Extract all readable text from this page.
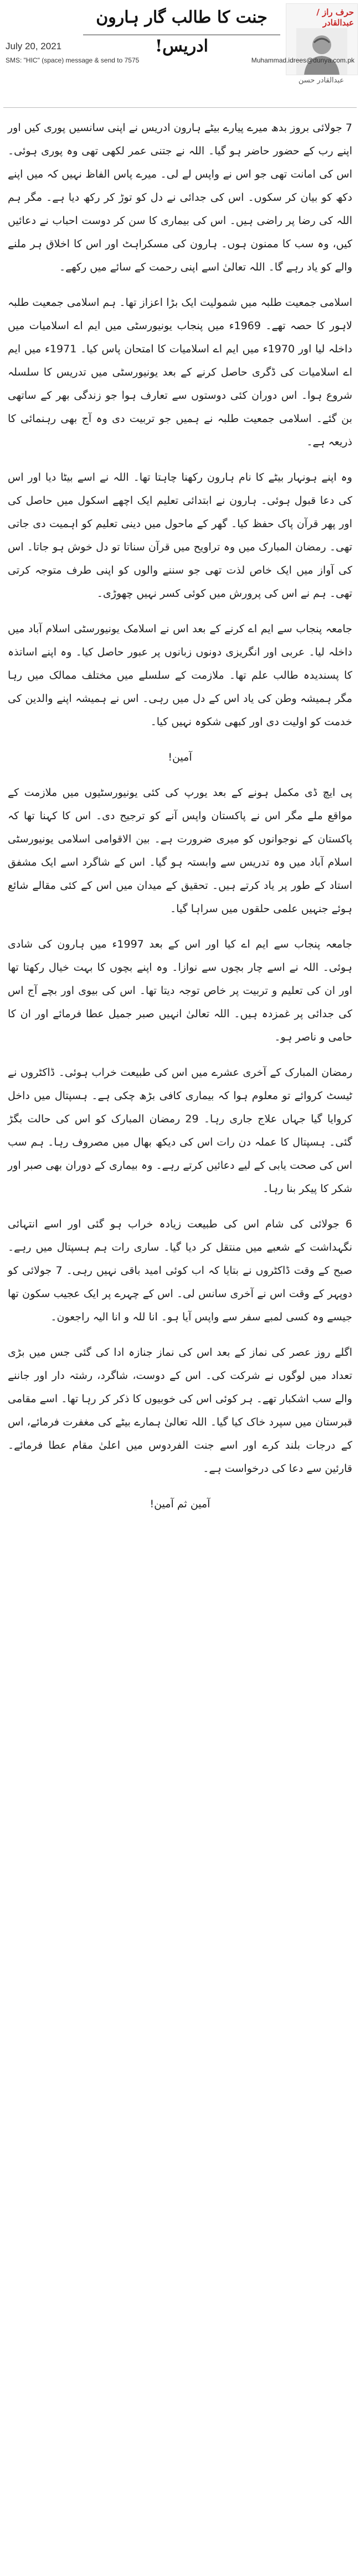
حرف راز / عبدالقادر
عبدالقادر حسن
جنت کا طالب گار ہارون ادریس!
July 20, 2021
SMS: "HIC" (space) message & send to 7575	Muhammad.idrees@dunya.com.pk

7 جولائی بروز بدھ میرے پیارے بیٹے ہارون ادریس نے اپنی سانسیں پوری کیں اور اپنے رب کے حضور حاضر ہو گیا۔ اللہ نے جتنی عمر لکھی تھی وہ پوری ہوئی۔ اس کی امانت تھی جو اس نے واپس لے لی۔ میرے پاس الفاظ نہیں کہ میں اپنے دکھ کو بیان کر سکوں۔ اس کی جدائی نے دل کو توڑ کر رکھ دیا ہے۔ مگر ہم اللہ کی رضا پر راضی ہیں۔ اس کی بیماری کا سن کر دوست احباب نے دعائیں کیں، وہ سب کا ممنون ہوں۔ ہارون کی مسکراہٹ اور اس کا اخلاق ہر ملنے والے کو یاد رہے گا۔ اللہ تعالیٰ اسے اپنی رحمت کے سائے میں رکھے۔

اسلامی جمعیت طلبہ میں شمولیت ایک بڑا اعزاز تھا۔ ہم اسلامی جمعیت طلبہ لاہور کا حصہ تھے۔ 1969ء میں پنجاب یونیورسٹی میں ایم اے اسلامیات میں داخلہ لیا اور 1970ء میں ایم اے اسلامیات کا امتحان پاس کیا۔ 1971ء میں ایم اے اسلامیات کی ڈگری حاصل کرنے کے بعد یونیورسٹی میں تدریس کا سلسلہ شروع ہوا۔ اس دوران کئی دوستوں سے تعارف ہوا جو زندگی بھر کے ساتھی بن گئے۔ اسلامی جمعیت طلبہ نے ہمیں جو تربیت دی وہ آج بھی رہنمائی کا ذریعہ ہے۔

وہ اپنے ہونہار بیٹے کا نام ہارون رکھنا چاہتا تھا۔ اللہ نے اسے بیٹا دیا اور اس کی دعا قبول ہوئی۔ ہارون نے ابتدائی تعلیم ایک اچھے اسکول میں حاصل کی اور پھر قرآن پاک حفظ کیا۔ گھر کے ماحول میں دینی تعلیم کو اہمیت دی جاتی تھی۔ رمضان المبارک میں وہ تراویح میں قرآن سناتا تو دل خوش ہو جاتا۔ اس کی آواز میں ایک خاص لذت تھی جو سننے والوں کو اپنی طرف متوجہ کرتی تھی۔ ہم نے اس کی پرورش میں کوئی کسر نہیں چھوڑی۔

جامعہ پنجاب سے ایم اے کرنے کے بعد اس نے اسلامک یونیورسٹی اسلام آباد میں داخلہ لیا۔ عربی اور انگریزی دونوں زبانوں پر عبور حاصل کیا۔ وہ اپنے اساتذہ کا پسندیدہ طالب علم تھا۔ ملازمت کے سلسلے میں مختلف ممالک میں رہا مگر ہمیشہ وطن کی یاد اس کے دل میں رہی۔ اس نے ہمیشہ اپنے والدین کی خدمت کو اولیت دی اور کبھی شکوہ نہیں کیا۔

آمین!

پی ایچ ڈی مکمل ہونے کے بعد یورپ کی کئی یونیورسٹیوں میں ملازمت کے مواقع ملے مگر اس نے پاکستان واپس آنے کو ترجیح دی۔ اس کا کہنا تھا کہ پاکستان کے نوجوانوں کو میری ضرورت ہے۔ بین الاقوامی اسلامی یونیورسٹی اسلام آباد میں وہ تدریس سے وابستہ ہو گیا۔ اس کے شاگرد اسے ایک مشفق استاد کے طور پر یاد کرتے ہیں۔ تحقیق کے میدان میں اس کے کئی مقالے شائع ہوئے جنہیں علمی حلقوں میں سراہا گیا۔

جامعہ پنجاب سے ایم اے کیا اور اس کے بعد 1997ء میں ہارون کی شادی ہوئی۔ اللہ نے اسے چار بچوں سے نوازا۔ وہ اپنے بچوں کا بہت خیال رکھتا تھا اور ان کی تعلیم و تربیت پر خاص توجہ دیتا تھا۔ اس کی بیوی اور بچے آج اس کی جدائی پر غمزدہ ہیں۔ اللہ تعالیٰ انہیں صبر جمیل عطا فرمائے اور ان کا حامی و ناصر ہو۔

رمضان المبارک کے آخری عشرے میں اس کی طبیعت خراب ہوئی۔ ڈاکٹروں نے ٹیسٹ کروائے تو معلوم ہوا کہ بیماری کافی بڑھ چکی ہے۔ ہسپتال میں داخل کروایا گیا جہاں علاج جاری رہا۔ 29 رمضان المبارک کو اس کی حالت بگڑ گئی۔ ہسپتال کا عملہ دن رات اس کی دیکھ بھال میں مصروف رہا۔ ہم سب اس کی صحت یابی کے لیے دعائیں کرتے رہے۔ وہ بیماری کے دوران بھی صبر اور شکر کا پیکر بنا رہا۔

6 جولائی کی شام اس کی طبیعت زیادہ خراب ہو گئی اور اسے انتہائی نگہداشت کے شعبے میں منتقل کر دیا گیا۔ ساری رات ہم ہسپتال میں رہے۔ صبح کے وقت ڈاکٹروں نے بتایا کہ اب کوئی امید باقی نہیں رہی۔ 7 جولائی کو دوپہر کے وقت اس نے آخری سانس لی۔ اس کے چہرے پر ایک عجیب سکون تھا جیسے وہ کسی لمبے سفر سے واپس آیا ہو۔ انا للہ و انا الیہ راجعون۔

اگلے روز عصر کی نماز کے بعد اس کی نماز جنازہ ادا کی گئی جس میں بڑی تعداد میں لوگوں نے شرکت کی۔ اس کے دوست، شاگرد، رشتہ دار اور جاننے والے سب اشکبار تھے۔ ہر کوئی اس کی خوبیوں کا ذکر کر رہا تھا۔ اسے مقامی قبرستان میں سپرد خاک کیا گیا۔ اللہ تعالیٰ ہمارے بیٹے کی مغفرت فرمائے، اس کے درجات بلند کرے اور اسے جنت الفردوس میں اعلیٰ مقام عطا فرمائے۔ قارئین سے دعا کی درخواست ہے۔

آمین ثم آمین!
